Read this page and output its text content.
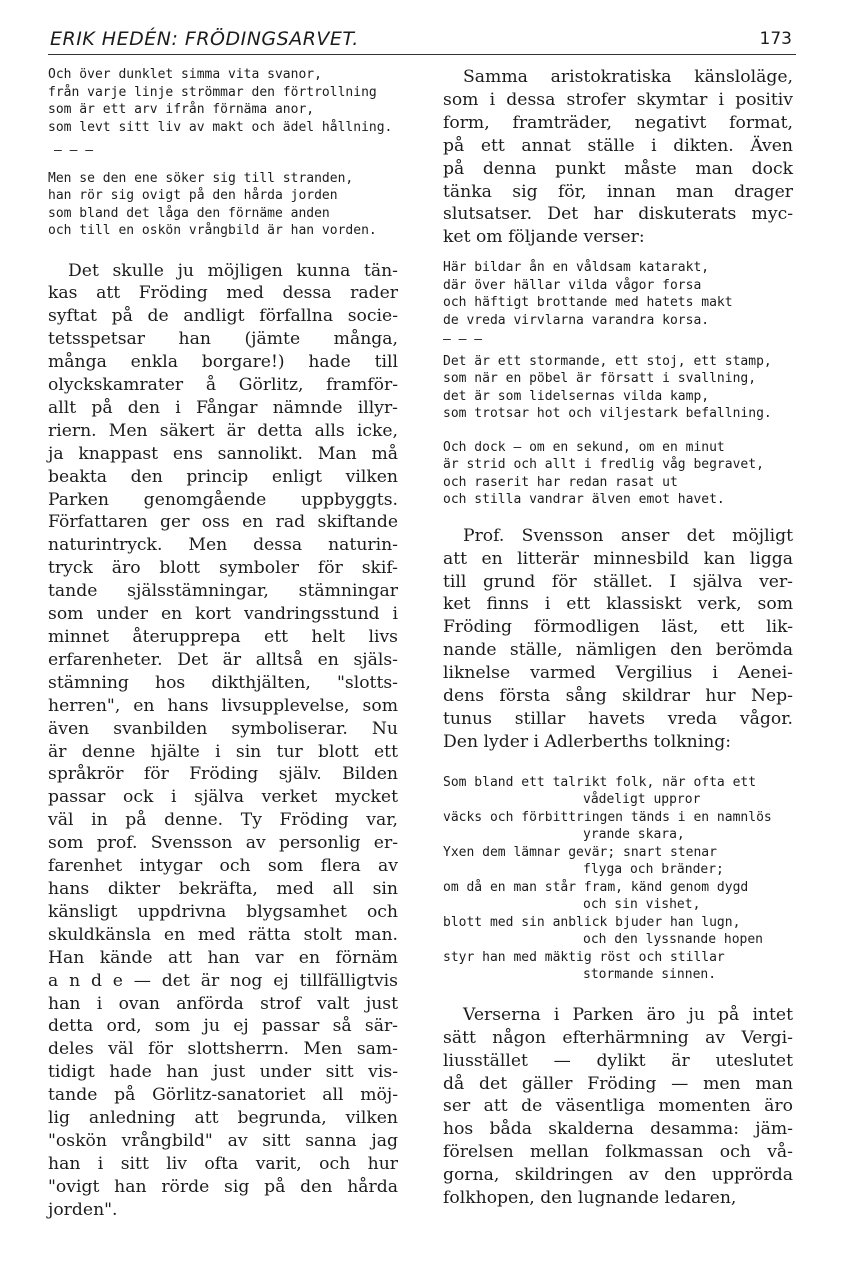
ERIK HEDÉN: FRÖDINGSARVET.	173
Och över dunklet simma vita svanor,
från varje linje strömmar den förtrollning
som är ett arv ifrån förnäma anor,
som levt sitt liv av makt och ädel hållning.
— — —
Men se den ene söker sig till stranden,
han rör sig ovigt på den hårda jorden
som bland det låga den förnäme anden
och till en oskön vrångbild är han vorden.
Det skulle ju möjligen kunna tän-
kas att Fröding med dessa rader
syftat på de andligt förfallna socie-
tetsspetsar han (jämte många,
många enkla borgare!) hade till
olyckskamrater å Görlitz, framför-
allt på den i Fångar nämnde illyr-
riern. Men säkert är detta alls icke,
ja knappast ens sannolikt. Man må
beakta den princip enligt vilken
Parken genomgående uppbyggts.
Författaren ger oss en rad skiftande
naturintryck. Men dessa naturin-
tryck äro blott symboler för skif-
tande själsstämningar, stämningar
som under en kort vandringsstund i
minnet återupprepa ett helt livs
erfarenheter. Det är alltså en själs-
stämning hos dikthjälten, "slotts-
herren", en hans livsupplevelse, som
även svanbilden symboliserar. Nu
är denne hjälte i sin tur blott ett
språkrör för Fröding själv. Bilden
passar ock i själva verket mycket
väl in på denne. Ty Fröding var,
som prof. Svensson av personlig er-
farenhet intygar och som flera av
hans dikter bekräfta, med all sin
känsligt uppdrivna blygsamhet och
skuldkänsla en med rätta stolt man.
Han kände att han var en förnäm
a n d e — det är nog ej tillfälligtvis
han i ovan anförda strof valt just
detta ord, som ju ej passar så sär-
deles väl för slottsherrn. Men sam-
tidigt hade han just under sitt vis-
tande på Görlitz-sanatoriet all möj-
lig anledning att begrunda, vilken
"oskön vrångbild" av sitt sanna jag
han i sitt liv ofta varit, och hur
"ovigt han rörde sig på den hårda
jorden".
Samma aristokratiska känsloläge,
som i dessa strofer skymtar i positiv
form, framträder, negativt format,
på ett annat ställe i dikten. Även
på denna punkt måste man dock
tänka sig för, innan man drager
slutsatser. Det har diskuterats myc-
ket om följande verser:
Här bildar ån en våldsam katarakt,
där över hällar vilda vågor forsa
och häftigt brottande med hatets makt
de vreda virvlarna varandra korsa.
— — —
Det är ett stormande, ett stoj, ett stamp,
som när en pöbel är försatt i svallning,
det är som lidelsernas vilda kamp,
som trotsar hot och viljestark befallning.
Och dock — om en sekund, om en minut
är strid och allt i fredlig våg begravet,
och raserit har redan rasat ut
och stilla vandrar älven emot havet.
Prof. Svensson anser det möjligt
att en litterär minnesbild kan ligga
till grund för stället. I själva ver-
ket finns i ett klassiskt verk, som
Fröding förmodligen läst, ett lik-
nande ställe, nämligen den berömda
liknelse varmed Vergilius i Aenei-
dens första sång skildrar hur Nep-
tunus stillar havets vreda vågor.
Den lyder i Adlerberths tolkning:
Som bland ett talrikt folk, när ofta ett
vådeligt uppror
väcks och förbittringen tänds i en namnlös
yrande skara,
Yxen dem lämnar gevär; snart stenar
flyga och bränder;
om då en man står fram, känd genom dygd
och sin vishet,
blott med sin anblick bjuder han lugn,
och den lyssnande hopen
styr han med mäktig röst och stillar
stormande sinnen.
Verserna i Parken äro ju på intet
sätt någon efterhärmning av Vergi-
liusstället — dylikt är uteslutet
då det gäller Fröding — men man
ser att de väsentliga momenten äro
hos båda skalderna desamma: jäm-
förelsen mellan folkmassan och vå-
gorna, skildringen av den upprörda
folkhopen, den lugnande ledaren,
